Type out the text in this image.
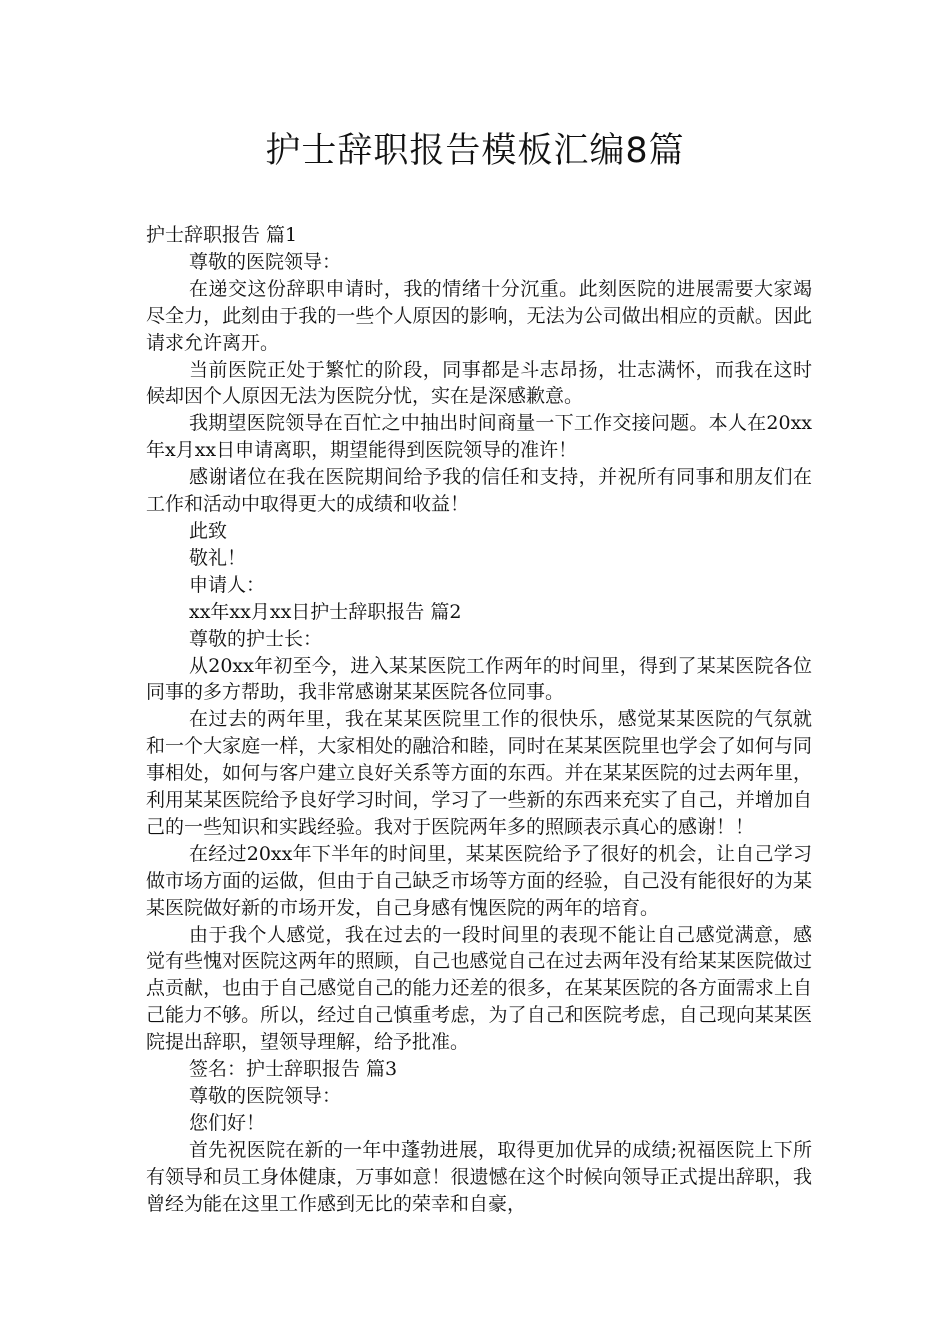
护士辞职报告模板汇编8篇

护士辞职报告 篇1

尊敬的医院领导：

在递交这份辞职申请时，我的情绪十分沉重。此刻医院的进展需要大家竭尽全力，此刻由于我的一些个人原因的影响，无法为公司做出相应的贡献。因此请求允许离开。

当前医院正处于繁忙的阶段，同事都是斗志昂扬，壮志满怀，而我在这时候却因个人原因无法为医院分忧，实在是深感歉意。

我期望医院领导在百忙之中抽出时间商量一下工作交接问题。本人在20xx年x月xx日申请离职，期望能得到医院领导的准许！

感谢诸位在我在医院期间给予我的信任和支持，并祝所有同事和朋友们在工作和活动中取得更大的成绩和收益！

此致

敬礼！

申请人：

xx年xx月xx日护士辞职报告 篇2

尊敬的护士长：

从20xx年初至今，进入某某医院工作两年的时间里，得到了某某医院各位同事的多方帮助，我非常感谢某某医院各位同事。

在过去的两年里，我在某某医院里工作的很快乐，感觉某某医院的气氛就和一个大家庭一样，大家相处的融洽和睦，同时在某某医院里也学会了如何与同事相处，如何与客户建立良好关系等方面的东西。并在某某医院的过去两年里，利用某某医院给予良好学习时间，学习了一些新的东西来充实了自己，并增加自己的一些知识和实践经验。我对于医院两年多的照顾表示真心的感谢！！

在经过20xx年下半年的时间里，某某医院给予了很好的机会，让自己学习做市场方面的运做，但由于自己缺乏市场等方面的经验，自己没有能很好的为某某医院做好新的市场开发，自己身感有愧医院的两年的培育。

由于我个人感觉，我在过去的一段时间里的表现不能让自己感觉满意，感觉有些愧对医院这两年的照顾，自己也感觉自己在过去两年没有给某某医院做过点贡献，也由于自己感觉自己的能力还差的很多，在某某医院的各方面需求上自己能力不够。所以，经过自己慎重考虑，为了自己和医院考虑，自己现向某某医院提出辞职，望领导理解，给予批准。

签名：护士辞职报告 篇3

尊敬的医院领导：

您们好！

首先祝医院在新的一年中蓬勃进展，取得更加优异的成绩;祝福医院上下所有领导和员工身体健康，万事如意！很遗憾在这个时候向领导正式提出辞职，我曾经为能在这里工作感到无比的荣幸和自豪，
